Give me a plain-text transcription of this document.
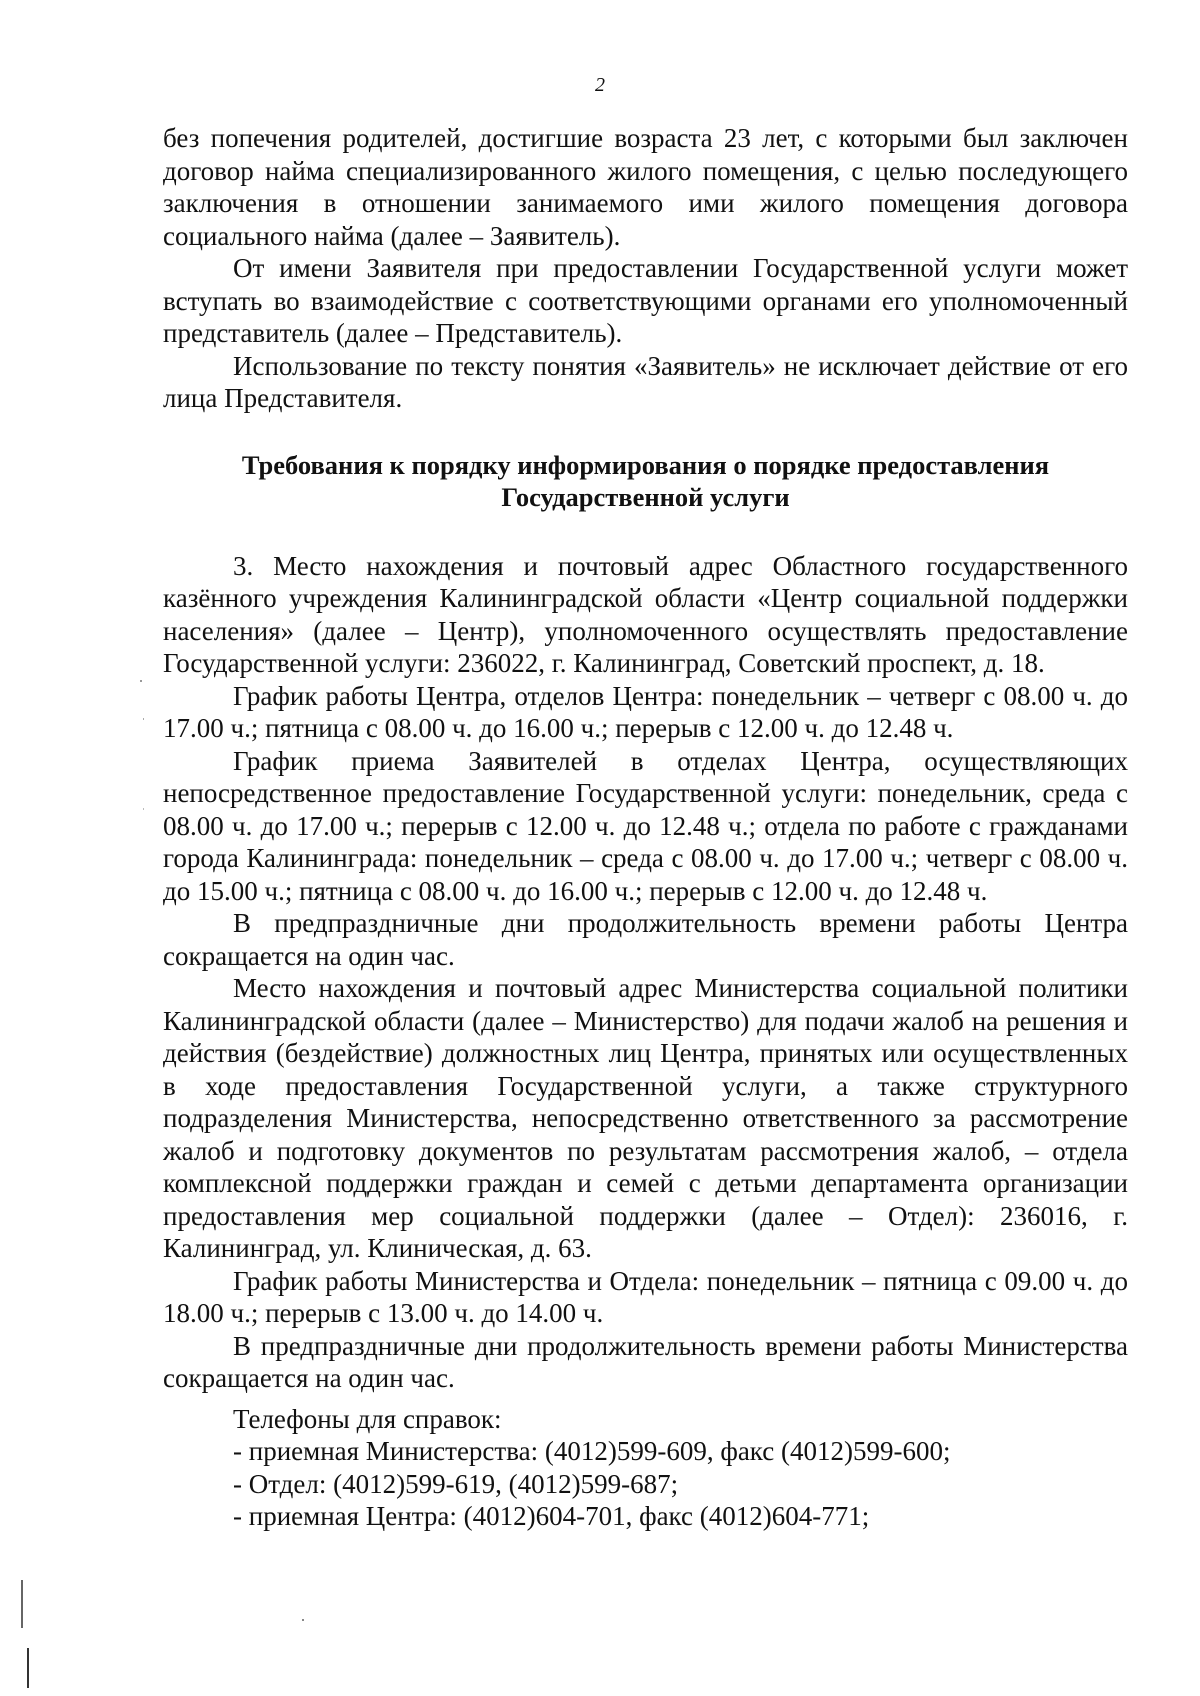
2

без попечения родителей, достигшие возраста 23 лет, с которыми был заключен договор найма специализированного жилого помещения, с целью последующего заключения в отношении занимаемого ими жилого помещения договора социального найма (далее – Заявитель).

От имени Заявителя при предоставлении Государственной услуги может вступать во взаимодействие с соответствующими органами его уполномоченный представитель (далее – Представитель).

Использование по тексту понятия «Заявитель» не исключает действие от его лица Представителя.

Требования к порядку информирования о порядке предоставления
Государственной услуги

3. Место нахождения и почтовый адрес Областного государственного казённого учреждения Калининградской области «Центр социальной поддержки населения» (далее – Центр), уполномоченного осуществлять предоставление Государственной услуги: 236022, г. Калининград, Советский проспект, д. 18.

График работы Центра, отделов Центра: понедельник – четверг с 08.00 ч. до 17.00 ч.; пятница с 08.00 ч. до 16.00 ч.; перерыв с 12.00 ч. до 12.48 ч.

График приема Заявителей в отделах Центра, осуществляющих непосредственное предоставление Государственной услуги: понедельник, среда с 08.00 ч. до 17.00 ч.; перерыв с 12.00 ч. до 12.48 ч.; отдела по работе с гражданами города Калининграда: понедельник – среда с 08.00 ч. до 17.00 ч.; четверг с 08.00 ч. до 15.00 ч.; пятница с 08.00 ч. до 16.00 ч.; перерыв с 12.00 ч. до 12.48 ч.

В предпраздничные дни продолжительность времени работы Центра сокращается на один час.

Место нахождения и почтовый адрес Министерства социальной политики Калининградской области (далее – Министерство) для подачи жалоб на решения и действия (бездействие) должностных лиц Центра, принятых или осуществленных в ходе предоставления Государственной услуги, а также структурного подразделения Министерства, непосредственно ответственного за рассмотрение жалоб и подготовку документов по результатам рассмотрения жалоб, – отдела комплексной поддержки граждан и семей с детьми департамента организации предоставления мер социальной поддержки (далее – Отдел): 236016, г. Калининград, ул. Клиническая, д. 63.

График работы Министерства и Отдела: понедельник – пятница с 09.00 ч. до 18.00 ч.; перерыв с 13.00 ч. до 14.00 ч.

В предпраздничные дни продолжительность времени работы Министерства сокращается на один час.

Телефоны для справок:
- приемная Министерства: (4012)599-609, факс (4012)599-600;
- Отдел: (4012)599-619, (4012)599-687;
- приемная Центра: (4012)604-701, факс (4012)604-771;
